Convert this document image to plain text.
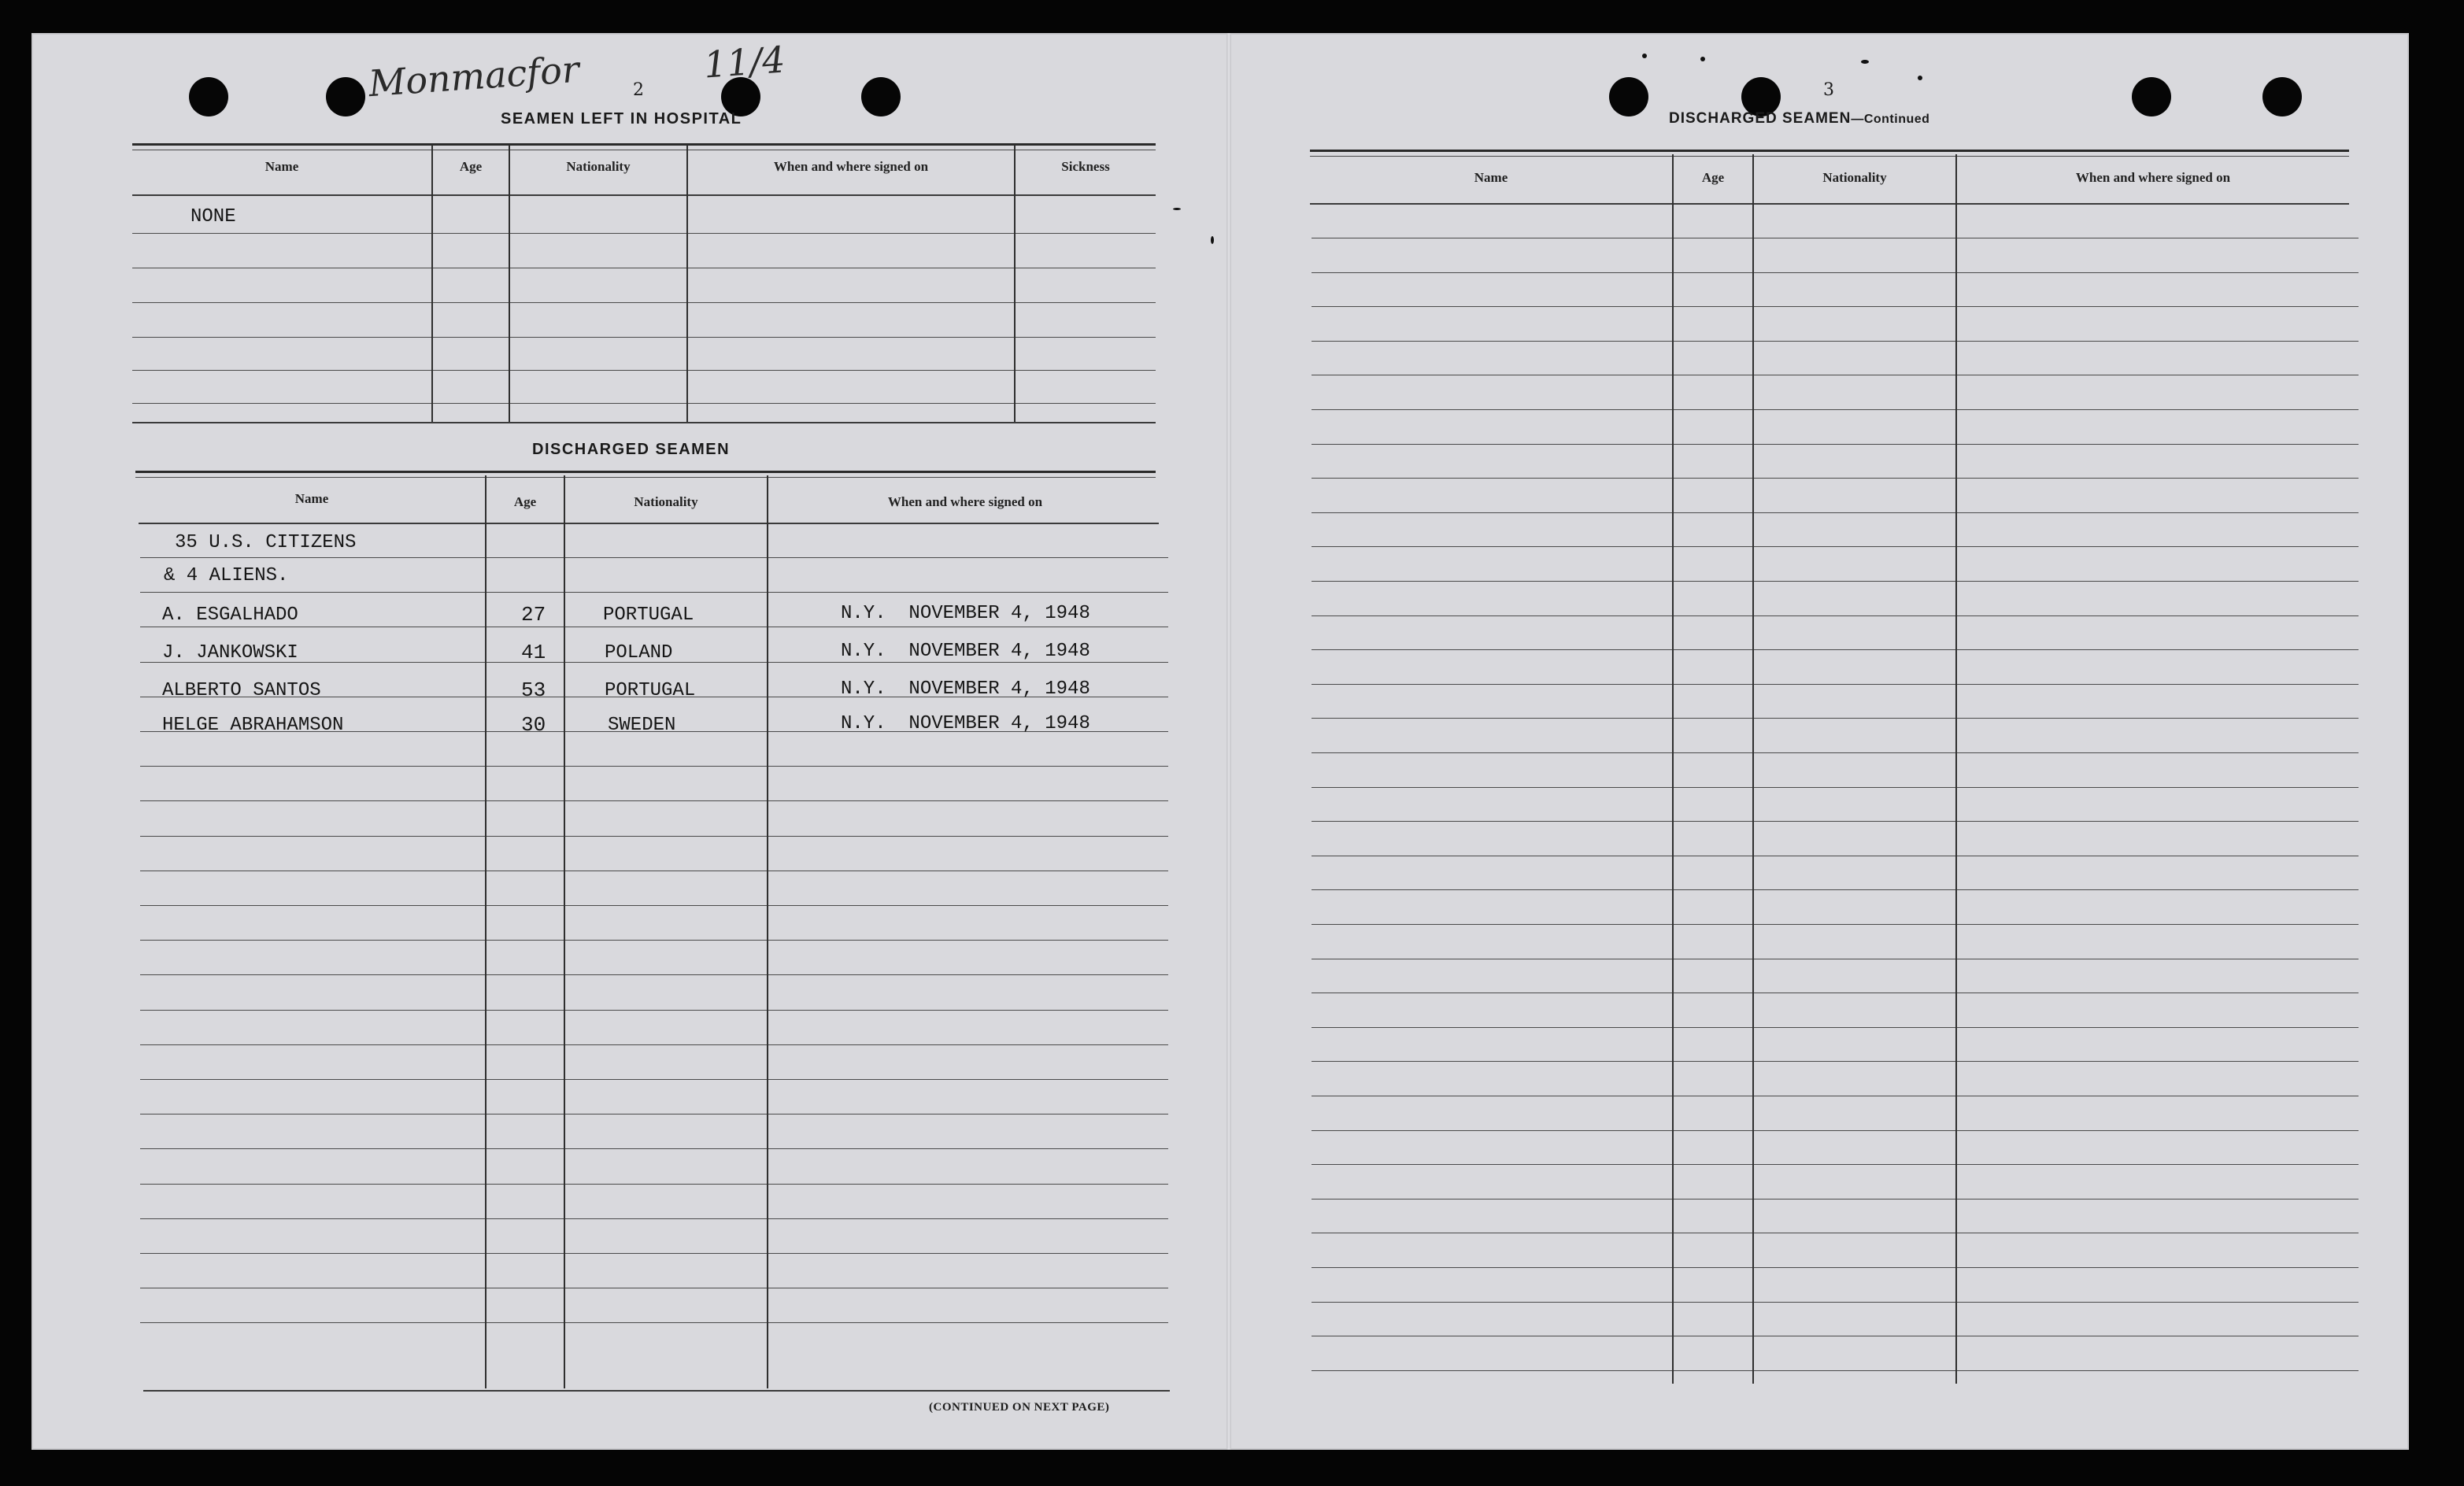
Monmacfor	11/4
2
SEAMEN LEFT IN HOSPITAL
Name	Age	Nationality	When and where signed on	Sickness
NONE
DISCHARGED SEAMEN
Name	Age	Nationality	When and where signed on
35 U.S. CITIZENS
& 4 ALIENS.
A. ESGALHADO	27	PORTUGAL	N.Y.  NOVEMBER 4, 1948
J. JANKOWSKI	41	POLAND	N.Y.  NOVEMBER 4, 1948
ALBERTO SANTOS	53	PORTUGAL	N.Y.  NOVEMBER 4, 1948
HELGE ABRAHAMSON	30	SWEDEN	N.Y.  NOVEMBER 4, 1948
(CONTINUED ON NEXT PAGE)
3
DISCHARGED SEAMEN—Continued
Name	Age	Nationality	When and where signed on
